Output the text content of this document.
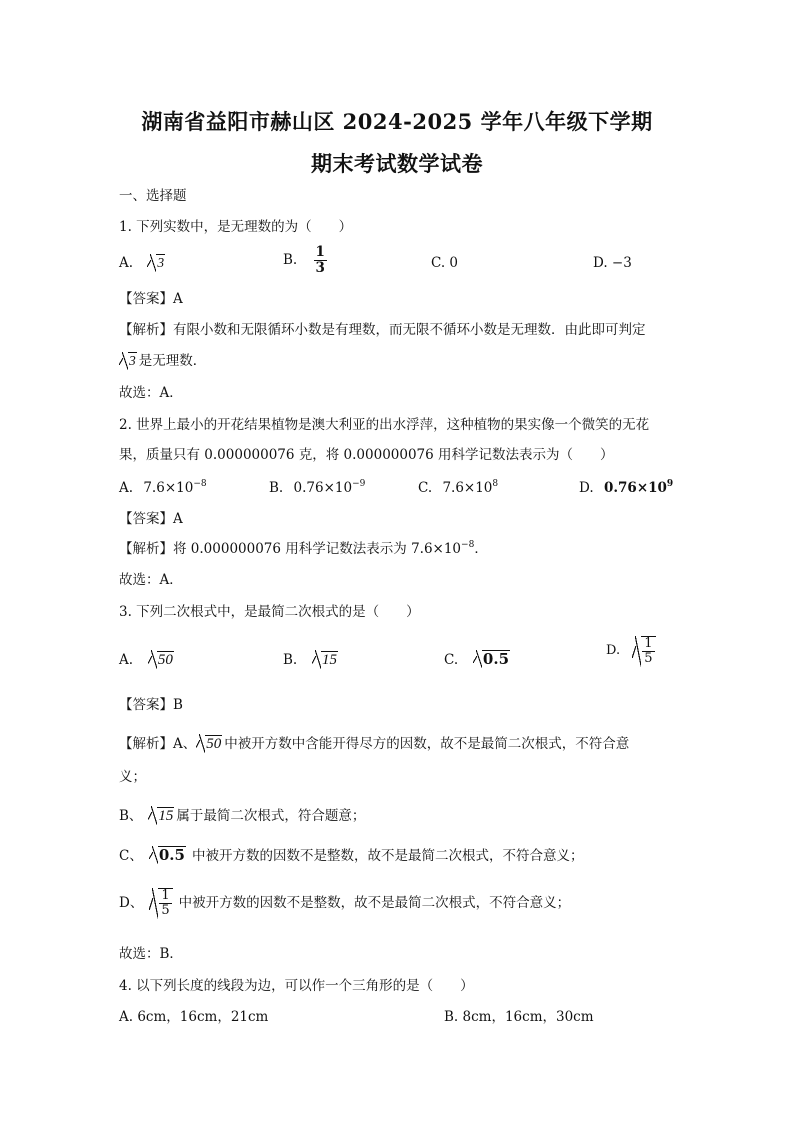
湖南省益阳市赫山区 2024-2025 学年八年级下学期
期末考试数学试卷
一、选择题
1. 下列实数中，是无理数的为（　　）
A. 3	B. $\frac{1}{3}$	C. 0	D. −3
【答案】A
【解析】有限小数和无限循环小数是有理数，而无限不循环小数是无理数．由此即可判定
3 是无理数．
故选：A．
2. 世界上最小的开花结果植物是澳大利亚的出水浮萍，这种植物的果实像一个微笑的无花
果，质量只有 0.000000076 克，将 0.000000076 用科学记数法表示为（　　）
A. $7.6\times 10^{-8}$	B. $0.76\times 10^{-9}$	C. $7.6\times 10^8$	D. $0.76\times 10^9$
【答案】A
【解析】将 0.000000076 用科学记数法表示为 $7.6\times 10^{-8}$．
故选：A．
3. 下列二次根式中，是最简二次根式的是（　　）
A. 50	B. 15	C. 0.5	D. $\frac{1}{5}$
【答案】B
【解析】A、 50 中被开方数中含能开得尽方的因数，故不是最简二次根式，不符合意
义；
B、 15 属于最简二次根式，符合题意；
C、 0.5 中被开方数的因数不是整数，故不是最简二次根式，不符合意义；
D、 $\frac{1}{5}$ 中被开方数的因数不是整数，故不是最简二次根式，不符合意义；
故选：B．
4. 以下列长度的线段为边，可以作一个三角形的是（　　）
A. 6cm，16cm，21cm	B. 8cm，16cm，30cm
